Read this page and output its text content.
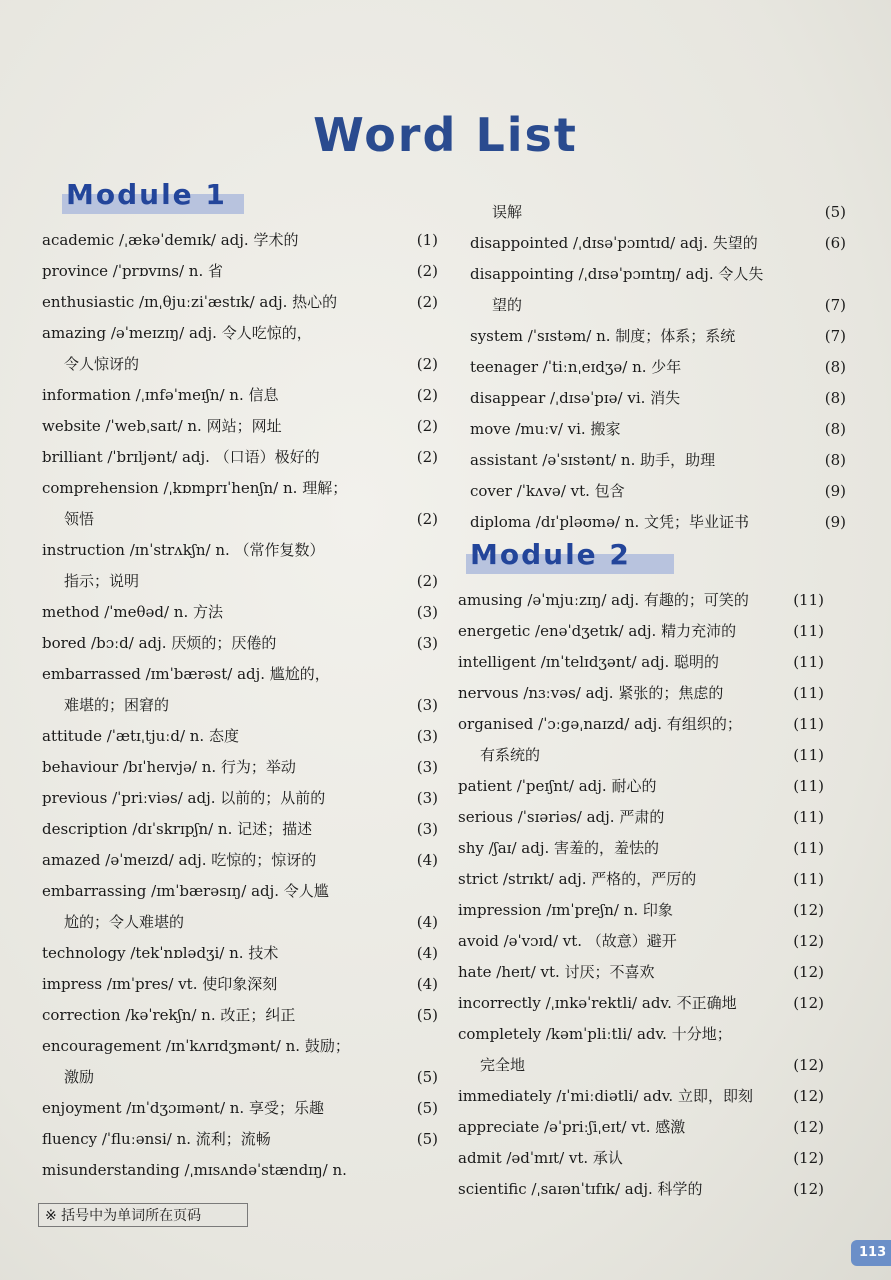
Word List
Module 1
Module 2
academic /ˌækəˈdemɪk/ adj. 学术的	(1)
province /ˈprɒvɪns/ n. 省	(2)
enthusiastic /ɪnˌθjuːziˈæstɪk/ adj. 热心的	(2)
amazing /əˈmeɪzɪŋ/ adj. 令人吃惊的，
令人惊讶的	(2)
information /ˌɪnfəˈmeɪʃn/ n. 信息	(2)
website /ˈwebˌsaɪt/ n. 网站；网址	(2)
brilliant /ˈbrɪljənt/ adj. （口语）极好的	(2)
comprehension /ˌkɒmprɪˈhenʃn/ n. 理解；
领悟	(2)
instruction /ɪnˈstrʌkʃn/ n. （常作复数）
指示；说明	(2)
method /ˈmeθəd/ n. 方法	(3)
bored /bɔːd/ adj. 厌烦的；厌倦的	(3)
embarrassed /ɪmˈbærəst/ adj. 尴尬的，
难堪的；困窘的	(3)
attitude /ˈætɪˌtjuːd/ n. 态度	(3)
behaviour /bɪˈheɪvjə/ n. 行为；举动	(3)
previous /ˈpriːviəs/ adj. 以前的；从前的	(3)
description /dɪˈskrɪpʃn/ n. 记述；描述	(3)
amazed /əˈmeɪzd/ adj. 吃惊的；惊讶的	(4)
embarrassing /ɪmˈbærəsɪŋ/ adj. 令人尴
尬的；令人难堪的	(4)
technology /tekˈnɒlədʒi/ n. 技术	(4)
impress /ɪmˈpres/ vt. 使印象深刻	(4)
correction /kəˈrekʃn/ n. 改正；纠正	(5)
encouragement /ɪnˈkʌrɪdʒmənt/ n. 鼓励；
激励	(5)
enjoyment /ɪnˈdʒɔɪmənt/ n. 享受；乐趣	(5)
fluency /ˈfluːənsi/ n. 流利；流畅	(5)
misunderstanding /ˌmɪsʌndəˈstændɪŋ/ n.
误解	(5)
disappointed /ˌdɪsəˈpɔɪntɪd/ adj. 失望的	(6)
disappointing /ˌdɪsəˈpɔɪntɪŋ/ adj. 令人失
望的	(7)
system /ˈsɪstəm/ n. 制度；体系；系统	(7)
teenager /ˈtiːnˌeɪdʒə/ n. 少年	(8)
disappear /ˌdɪsəˈpɪə/ vi. 消失	(8)
move /muːv/ vi. 搬家	(8)
assistant /əˈsɪstənt/ n. 助手，助理	(8)
cover /ˈkʌvə/ vt. 包含	(9)
diploma /dɪˈpləʊmə/ n. 文凭；毕业证书	(9)
amusing /əˈmjuːzɪŋ/ adj. 有趣的；可笑的	(11)
energetic /enəˈdʒetɪk/ adj. 精力充沛的	(11)
intelligent /ɪnˈtelɪdʒənt/ adj. 聪明的	(11)
nervous /nɜːvəs/ adj. 紧张的；焦虑的	(11)
organised /ˈɔːgəˌnaɪzd/ adj. 有组织的；	(11)
有系统的	(11)
patient /ˈpeɪʃnt/ adj. 耐心的	(11)
serious /ˈsɪəriəs/ adj. 严肃的	(11)
shy /ʃaɪ/ adj. 害羞的，羞怯的	(11)
strict /strɪkt/ adj. 严格的，严厉的	(11)
impression /ɪmˈpreʃn/ n. 印象	(12)
avoid /əˈvɔɪd/ vt. （故意）避开	(12)
hate /heɪt/ vt. 讨厌；不喜欢	(12)
incorrectly /ˌɪnkəˈrektli/ adv. 不正确地	(12)
completely /kəmˈpliːtli/ adv. 十分地；
完全地	(12)
immediately /ɪˈmiːdiətli/ adv. 立即，即刻	(12)
appreciate /əˈpriːʃiˌeɪt/ vt. 感激	(12)
admit /ədˈmɪt/ vt. 承认	(12)
scientific /ˌsaɪənˈtɪfɪk/ adj. 科学的	(12)
※ 括号中为单词所在页码
113
